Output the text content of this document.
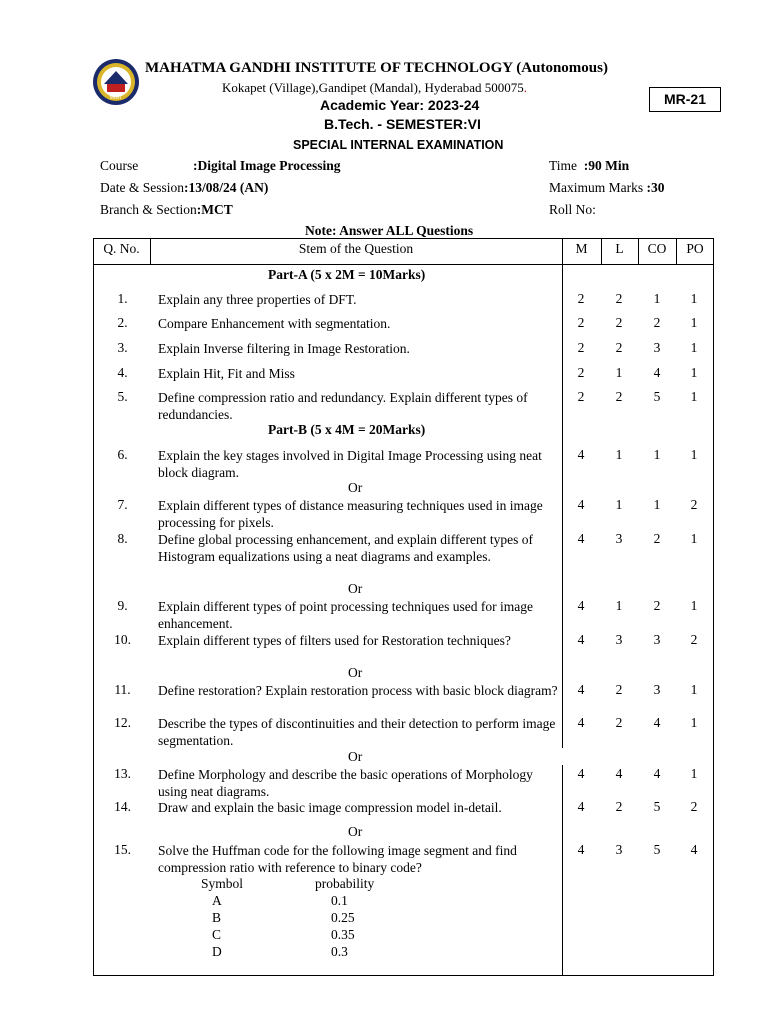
MGIT
MAHATMA GANDHI INSTITUTE OF TECHNOLOGY (Autonomous)
Kokapet (Village),Gandipet (Mandal), Hyderabad 500075.
Academic Year: 2023-24
B.Tech. - SEMESTER:VI
SPECIAL INTERNAL EXAMINATION
MR-21
Course	:Digital Image Processing
Date & Session:13/08/24 (AN)
Branch & Section:MCT
Time :90 Min
Maximum Marks :30
Roll No:
Note: Answer ALL Questions
Q. No.	Stem of the Question	M	L	CO	PO
Part-A (5 x 2M = 10Marks)
Part-B (5 x 4M = 20Marks)
1.	Explain any three properties of DFT.	2	2	1	1
2.	Compare Enhancement with segmentation.	2	2	2	1
3.	Explain Inverse filtering in Image Restoration.	2	2	3	1
4.	Explain Hit, Fit and Miss	2	1	4	1
5.	Define compression ratio and redundancy. Explain different types of redundancies.
2	2	5	1
6.	Explain the key stages involved in Digital Image Processing using neat block diagram.
4	1	1	1
7.	Explain different types of distance measuring techniques used in image processing for pixels.
4	1	1	2
8.	Define global processing enhancement, and explain different types of Histogram equalizations using a neat diagrams and examples.
4	3	2	1
9.	Explain different types of point processing techniques used for image enhancement.
4	1	2	1
10.	Explain different types of filters used for Restoration techniques?	4	3	3	2
11.	Define restoration? Explain restoration process with basic block diagram?	4	2	3	1
12.	Describe the types of discontinuities and their detection to perform image segmentation.
4	2	4	1
13.	Define Morphology and describe the basic operations of Morphology using neat diagrams.
4	4	4	1
14.	Draw and explain the basic image compression model in-detail.	4	2	5	2
15.	Solve the Huffman code for the following image segment and find compression ratio with reference to binary code?
4	3	5	4
Or
Or
Or
Or
Or
Symbol	probability
A	0.1
B	0.25
C	0.35
D	0.3
